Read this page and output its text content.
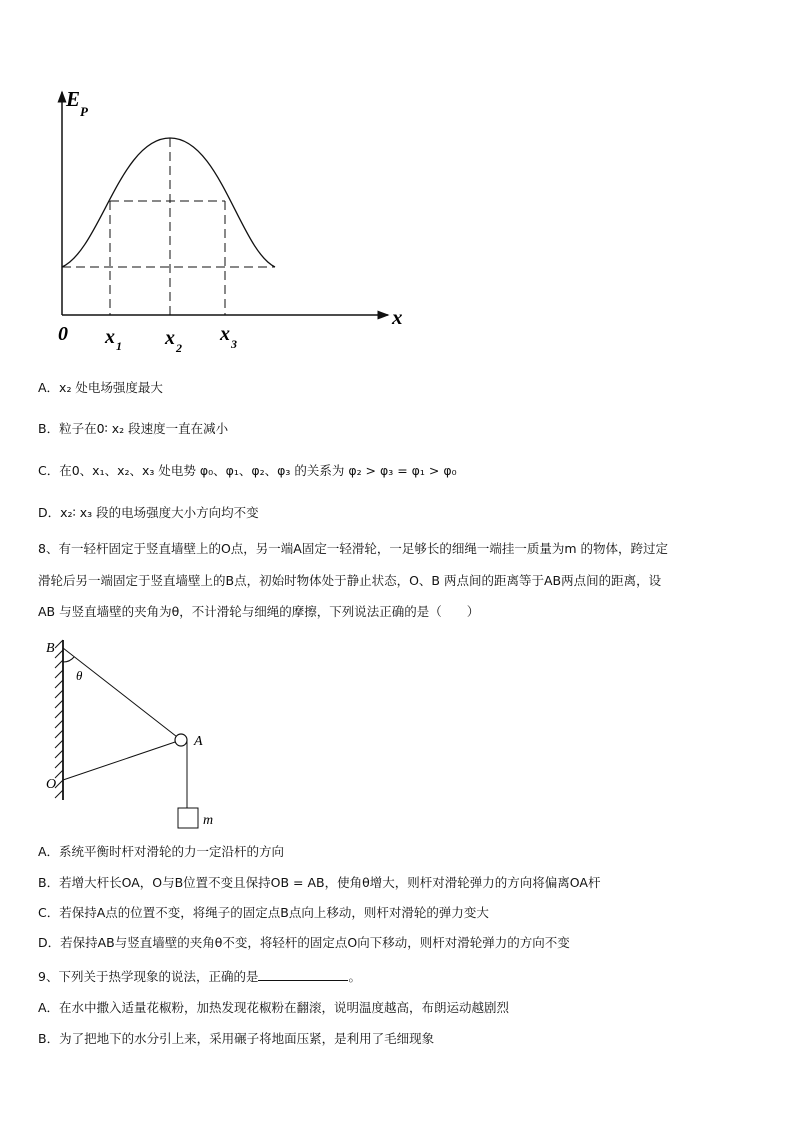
E
P
x
0 x 1 x 2
x 3
A．x₂ 处电场强度最大
B．粒子在0∶ x₂ 段速度一直在减小
C．在0、x₁、x₂、x₃ 处电势 φ₀、φ₁、φ₂、φ₃ 的关系为 φ₂ > φ₃ = φ₁ > φ₀
D．x₂∶ x₃ 段的电场强度大小方向均不变
8、有一轻杆固定于竖直墙壁上的O点，另一端A固定一轻滑轮，一足够长的细绳一端挂一质量为m 的物体，跨过定
滑轮后另一端固定于竖直墙壁上的B点，初始时物体处于静止状态，O、B 两点间的距离等于AB两点间的距离，设
AB 与竖直墙壁的夹角为θ，不计滑轮与细绳的摩擦，下列说法正确的是（　　）
B
O
A
θ
m
A．系统平衡时杆对滑轮的力一定沿杆的方向
B．若增大杆长OA，O与B位置不变且保持OB = AB，使角θ增大，则杆对滑轮弹力的方向将偏离OA杆
C．若保持A点的位置不变，将绳子的固定点B点向上移动，则杆对滑轮的弹力变大
D．若保持AB与竖直墙壁的夹角θ不变，将轻杆的固定点O向下移动，则杆对滑轮弹力的方向不变
9、下列关于热学现象的说法，正确的是	。
A．在水中撒入适量花椒粉，加热发现花椒粉在翻滚，说明温度越高，布朗运动越剧烈
B．为了把地下的水分引上来，采用碾子将地面压紧，是利用了毛细现象
